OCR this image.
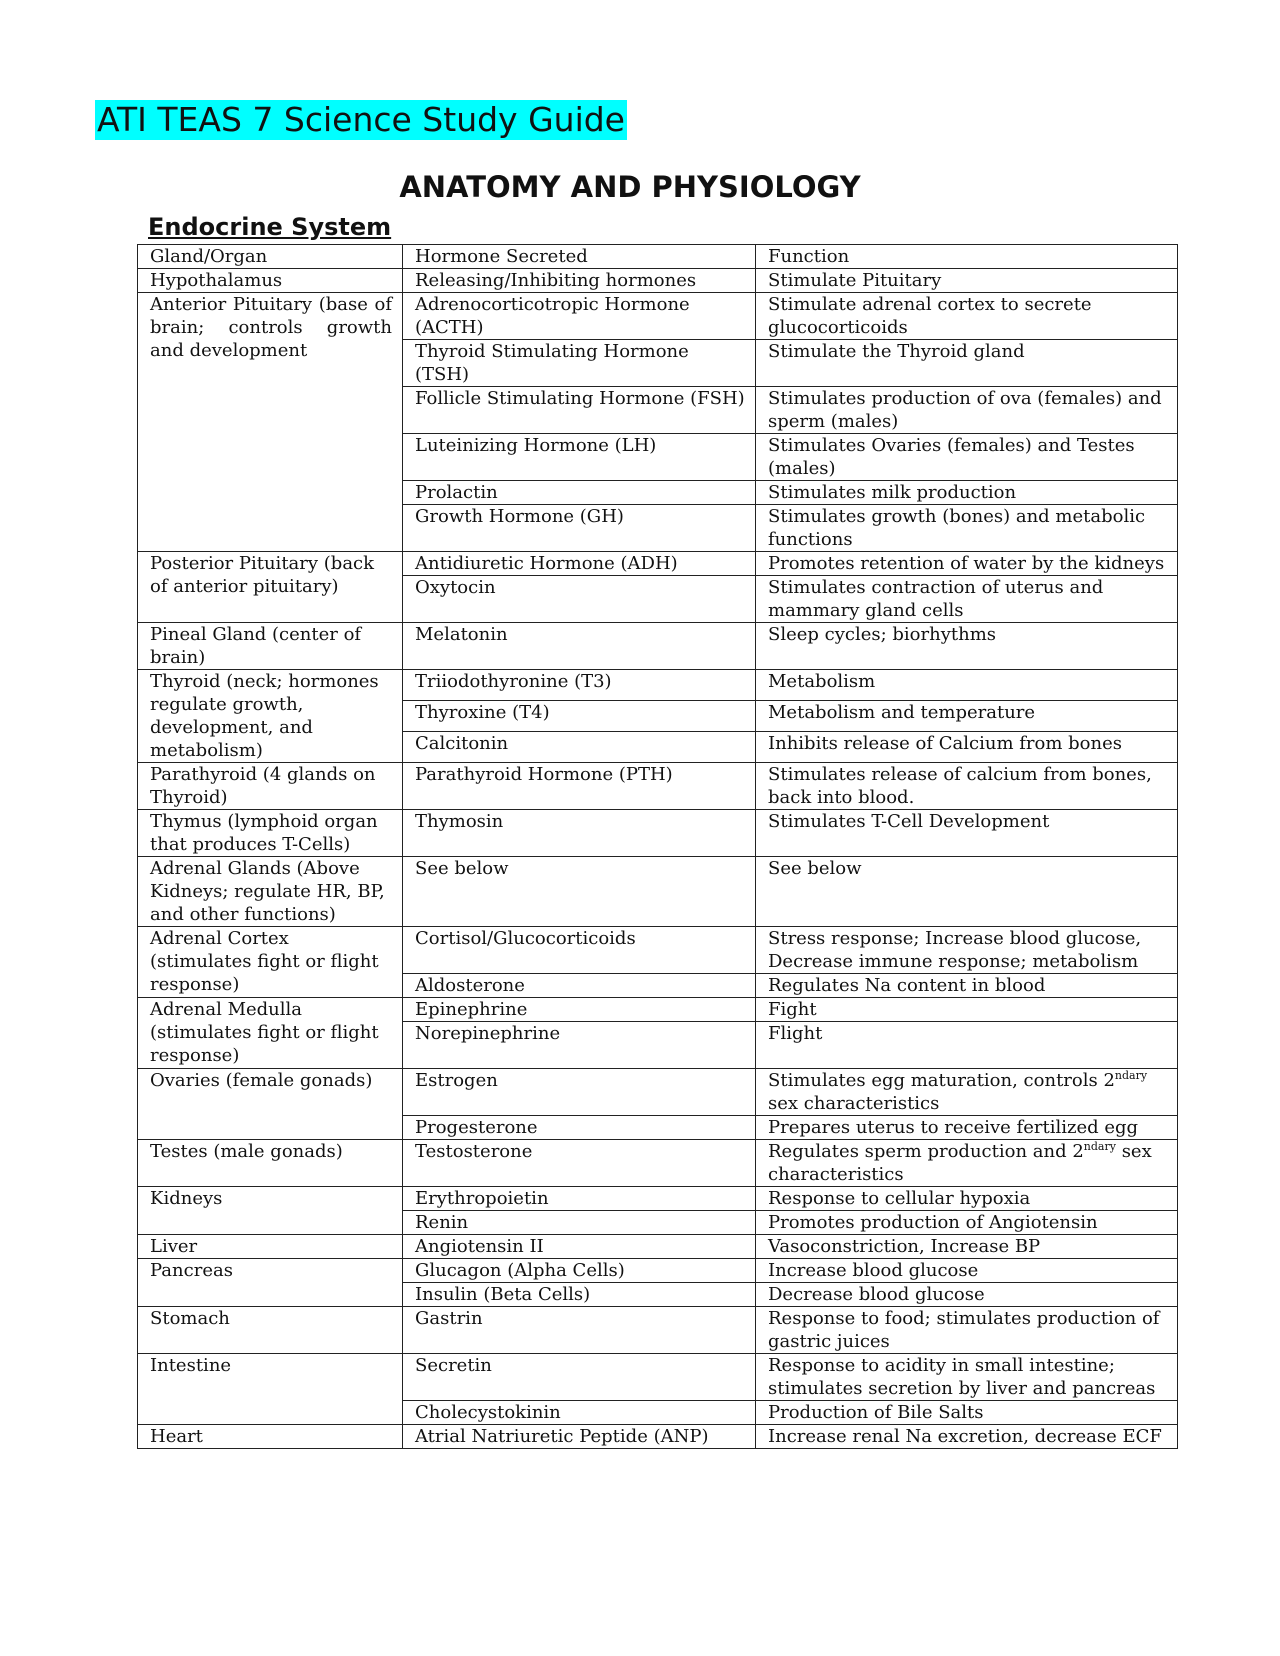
ATI TEAS 7 Science Study Guide
ANATOMY AND PHYSIOLOGY
Endocrine System
Gland/Organ	Hormone Secreted	Function
Hypothalamus	Releasing/Inhibiting hormones	Stimulate Pituitary
Anterior Pituitary (base of brain; controls growth and development	Adrenocorticotropic Hormone (ACTH)	Stimulate adrenal cortex to secrete glucocorticoids
	Thyroid Stimulating Hormone (TSH)	Stimulate the Thyroid gland
	Follicle Stimulating Hormone (FSH)	Stimulates production of ova (females) and sperm (males)
	Luteinizing Hormone (LH)	Stimulates Ovaries (females) and Testes (males)
	Prolactin	Stimulates milk production
	Growth Hormone (GH)	Stimulates growth (bones) and metabolic functions
Posterior Pituitary (back of anterior pituitary)	Antidiuretic Hormone (ADH)	Promotes retention of water by the kidneys
	Oxytocin	Stimulates contraction of uterus and mammary gland cells
Pineal Gland (center of brain)	Melatonin	Sleep cycles; biorhythms
Thyroid (neck; hormones regulate growth, development, and metabolism)	Triiodothyronine (T3)	Metabolism
	Thyroxine (T4)	Metabolism and temperature
	Calcitonin	Inhibits release of Calcium from bones
Parathyroid (4 glands on Thyroid)	Parathyroid Hormone (PTH)	Stimulates release of calcium from bones, back into blood.
Thymus (lymphoid organ that produces T-Cells)	Thymosin	Stimulates T-Cell Development
Adrenal Glands (Above Kidneys; regulate HR, BP, and other functions)	See below	See below
Adrenal Cortex (stimulates fight or flight response)	Cortisol/Glucocorticoids	Stress response; Increase blood glucose, Decrease immune response; metabolism
	Aldosterone	Regulates Na content in blood
Adrenal Medulla (stimulates fight or flight response)	Epinephrine	Fight

	Norepinephrine	Flight

Ovaries (female gonads)	Estrogen	Stimulates egg maturation, controls $2^{ndary}$ sex characteristics
	Progesterone	Prepares uterus to receive fertilized egg
Testes (male gonads)	Testosterone	Regulates sperm production and $2^{ndary}$ sex characteristics
Kidneys	Erythropoietin	Response to cellular hypoxia
	Renin	Promotes production of Angiotensin
Liver	Angiotensin II	Vasoconstriction, Increase BP
Pancreas	Glucagon (Alpha Cells)	Increase blood glucose
	Insulin (Beta Cells)	Decrease blood glucose
Stomach	Gastrin	Response to food; stimulates production of gastric juices
Intestine	Secretin	Response to acidity in small intestine; stimulates secretion by liver and pancreas
	Cholecystokinin	Production of Bile Salts
Heart	Atrial Natriuretic Peptide (ANP)	Increase renal Na excretion, decrease ECF
